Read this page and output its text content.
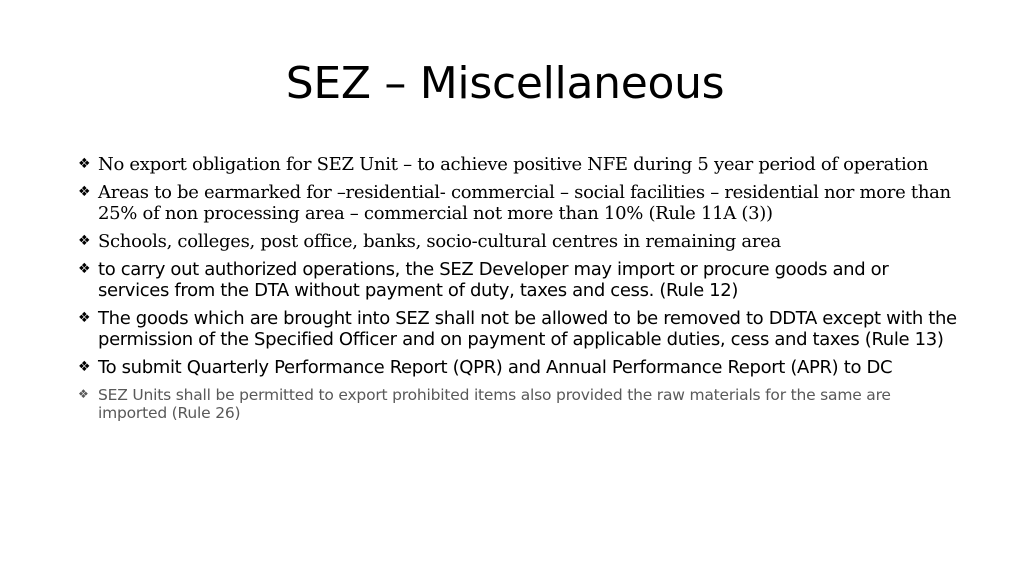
SEZ – Miscellaneous
❖ No export obligation for SEZ Unit – to achieve positive NFE during 5 year period of operation
❖ Areas to be earmarked for –residential- commercial – social facilities – residential nor more than 25% of non processing area – commercial not more than 10% (Rule 11A (3))
❖ Schools, colleges, post office, banks, socio-cultural centres in remaining area
❖ to carry out authorized operations, the SEZ Developer may import or procure goods and or services from the DTA without payment of duty, taxes and cess. (Rule 12)
❖ The goods which are brought into SEZ shall not be allowed to be removed to DDTA except with the permission of the Specified Officer and on payment of applicable duties, cess and taxes (Rule 13)
❖ To submit Quarterly Performance Report (QPR) and Annual Performance Report (APR) to DC
❖ SEZ Units shall be permitted to export prohibited items also provided the raw materials for the same are imported (Rule 26)
